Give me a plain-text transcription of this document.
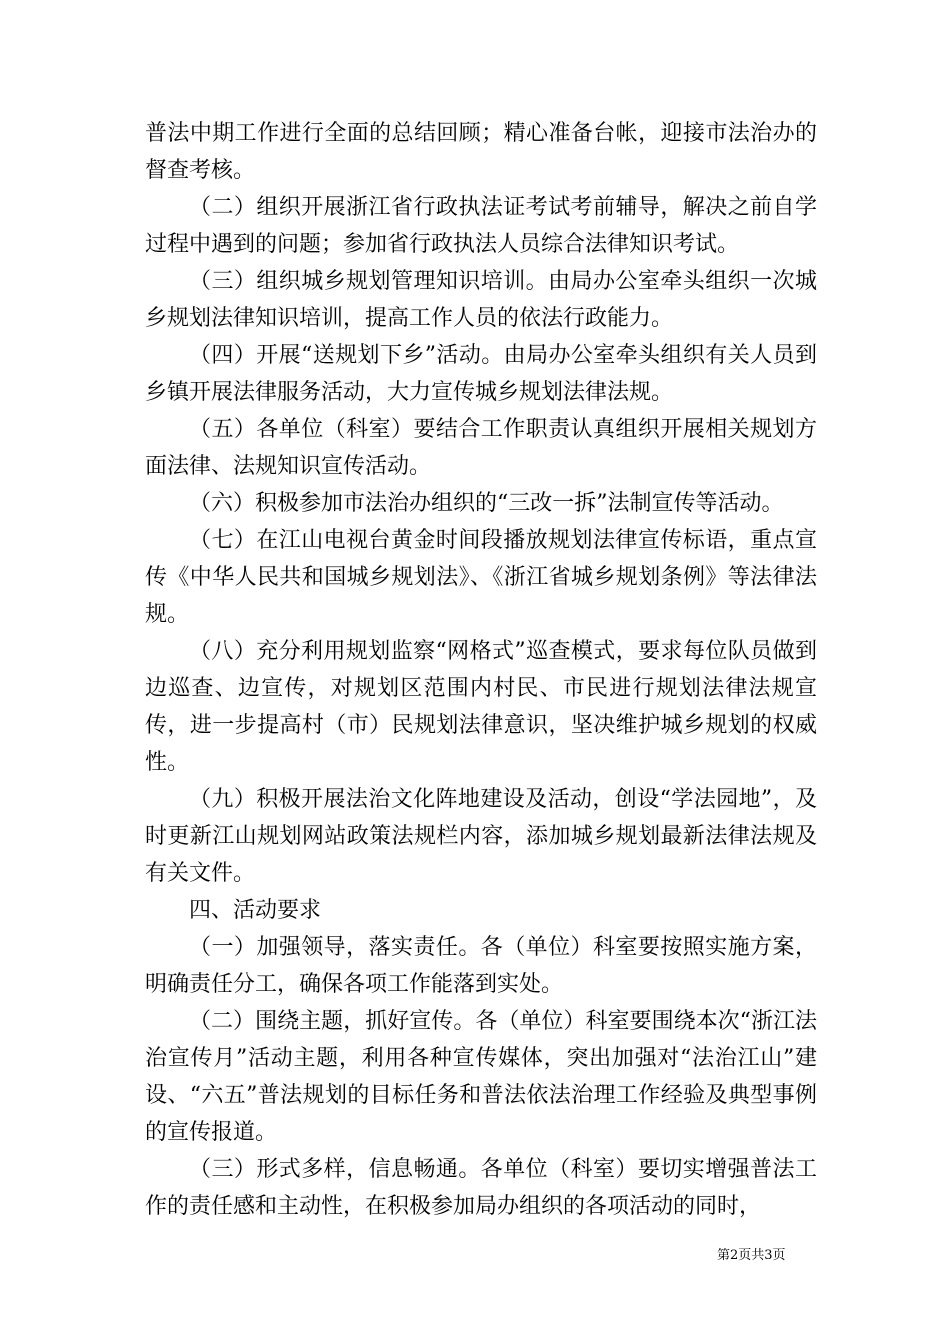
普法中期工作进行全面的总结回顾；精心准备台帐，迎接市法治办的督查考核。

（二）组织开展浙江省行政执法证考试考前辅导，解决之前自学过程中遇到的问题；参加省行政执法人员综合法律知识考试。

（三）组织城乡规划管理知识培训。由局办公室牵头组织一次城乡规划法律知识培训，提高工作人员的依法行政能力。

（四）开展“送规划下乡”活动。由局办公室牵头组织有关人员到乡镇开展法律服务活动，大力宣传城乡规划法律法规。

（五）各单位（科室）要结合工作职责认真组织开展相关规划方面法律、法规知识宣传活动。

（六）积极参加市法治办组织的“三改一拆”法制宣传等活动。

（七）在江山电视台黄金时间段播放规划法律宣传标语，重点宣传《中华人民共和国城乡规划法》、《浙江省城乡规划条例》等法律法规。

（八）充分利用规划监察“网格式”巡查模式，要求每位队员做到边巡查、边宣传，对规划区范围内村民、市民进行规划法律法规宣传，进一步提高村（市）民规划法律意识，坚决维护城乡规划的权威性。

（九）积极开展法治文化阵地建设及活动，创设“学法园地”，及时更新江山规划网站政策法规栏内容，添加城乡规划最新法律法规及有关文件。

四、活动要求

（一）加强领导，落实责任。各（单位）科室要按照实施方案，明确责任分工，确保各项工作能落到实处。

（二）围绕主题，抓好宣传。各（单位）科室要围绕本次“浙江法治宣传月”活动主题，利用各种宣传媒体，突出加强对“法治江山”建设、“六五”普法规划的目标任务和普法依法治理工作经验及典型事例的宣传报道。

（三）形式多样，信息畅通。各单位（科室）要切实增强普法工作的责任感和主动性，在积极参加局办组织的各项活动的同时，

第2页共3页
